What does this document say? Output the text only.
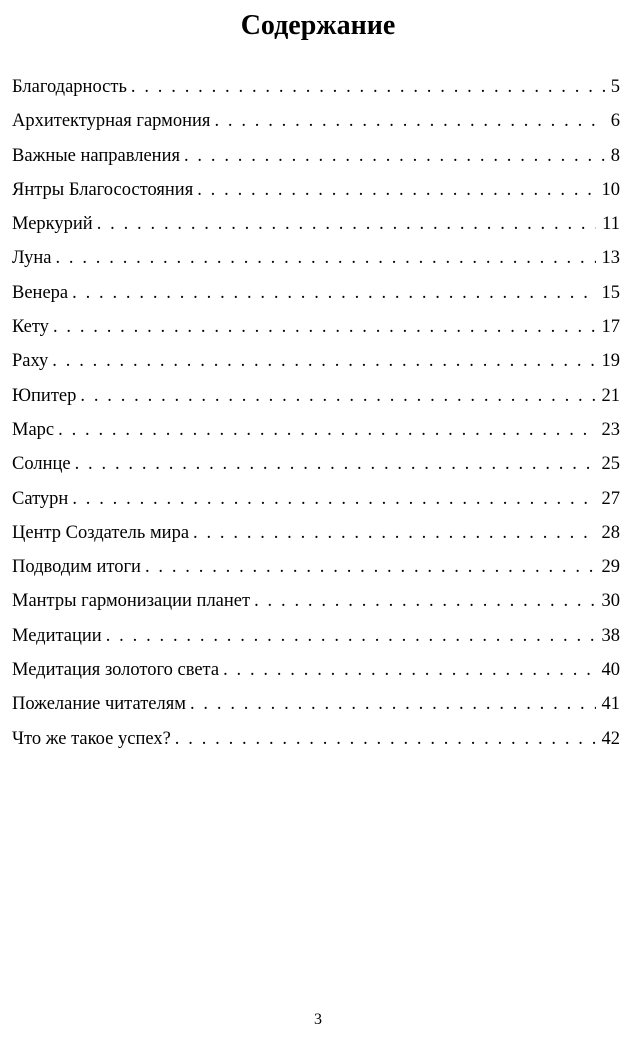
Содержание
Благодарность . . .	5
Архитектурная гармония . . .	6
Важные направления . . .	8
Янтры Благосостояния . . .	10
Меркурий . . .	11
Луна . . .	13
Венера . . .	15
Кету . . .	17
Раху . . .	19
Юпитер . . .	21
Марс . . .	23
Солнце . . .	25
Сатурн . . .	27
Центр Создатель мира . . .	28
Подводим итоги . . .	29
Мантры гармонизации планет . . .	30
Медитации . . .	38
Медитация золотого света . . .	40
Пожелание читателям . . .	41
Что же такое успех? . . .	42
3
